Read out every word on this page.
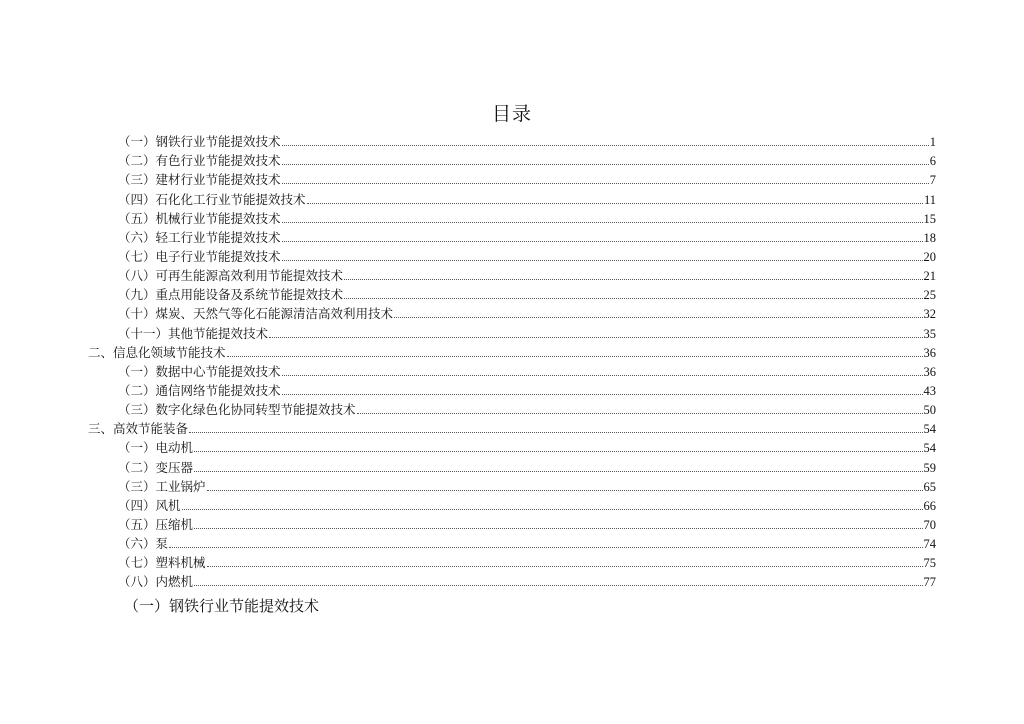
目录
（一）钢铁行业节能提效技术	1
（二）有色行业节能提效技术	6
（三）建材行业节能提效技术	7
（四）石化化工行业节能提效技术	11
（五）机械行业节能提效技术	15
（六）轻工行业节能提效技术	18
（七）电子行业节能提效技术	20
（八）可再生能源高效利用节能提效技术	21
（九）重点用能设备及系统节能提效技术	25
（十）煤炭、天然气等化石能源清洁高效利用技术	32
（十一）其他节能提效技术	35
二、信息化领域节能技术	36
（一）数据中心节能提效技术	36
（二）通信网络节能提效技术	43
（三）数字化绿色化协同转型节能提效技术	50
三、高效节能装备	54
（一）电动机	54
（二）变压器	59
（三）工业锅炉	65
（四）风机	66
（五）压缩机	70
（六）泵	74
（七）塑料机械	75
（八）内燃机	77
（一）钢铁行业节能提效技术
